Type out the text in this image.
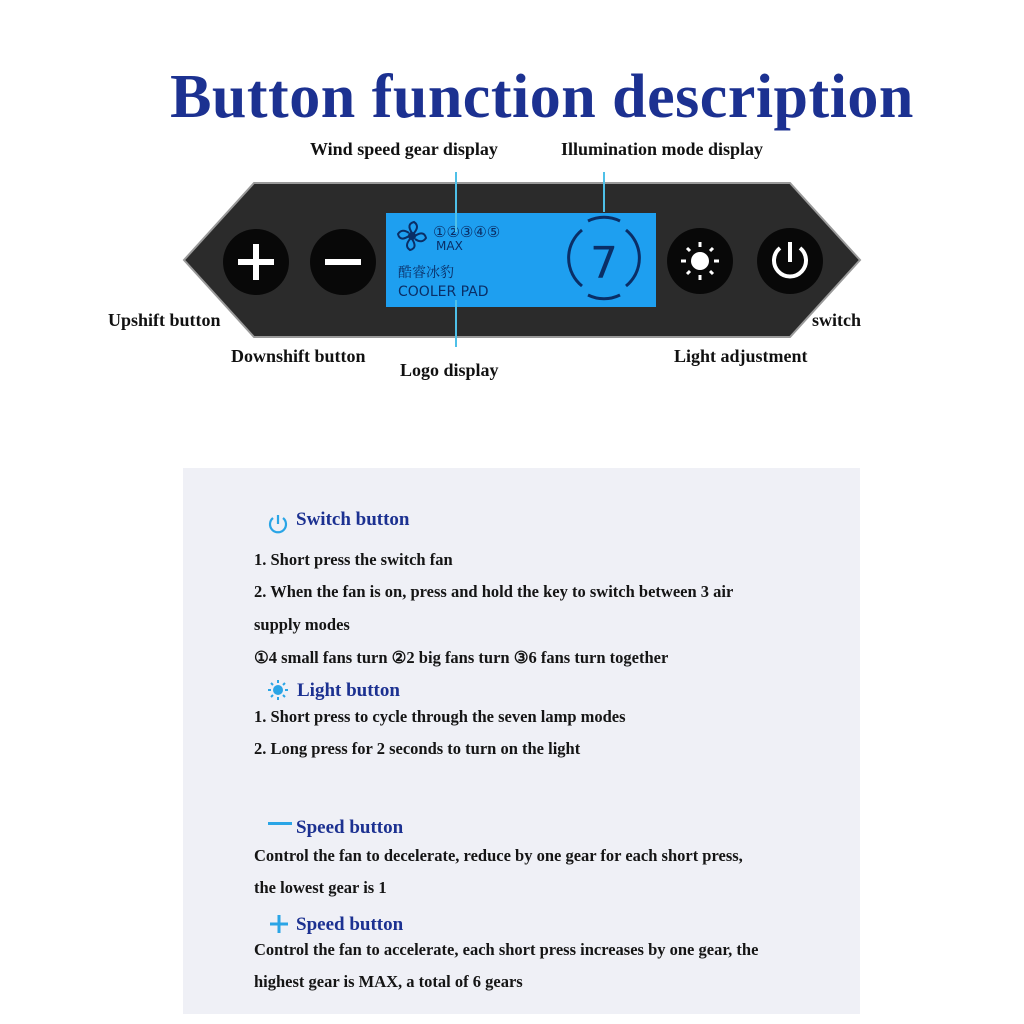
Button function description
①②③④⑤
MAX
酷睿冰豹
COOLER PAD
7
Wind speed gear display	Illumination mode display
Upshift button	switch
Downshift button
Logo display
Light adjustment
Switch button
1. Short press the switch fan
2. When the fan is on, press and hold the key to switch between 3 air
supply modes
①4 small fans turn ②2 big fans turn ③6 fans turn together
Light button
1. Short press to cycle through the seven lamp modes
2. Long press for 2 seconds to turn on the light
Speed button
Control the fan to decelerate, reduce by one gear for each short press,
the lowest gear is 1
Speed button
Control the fan to accelerate, each short press increases by one gear, the
highest gear is MAX, a total of 6 gears
